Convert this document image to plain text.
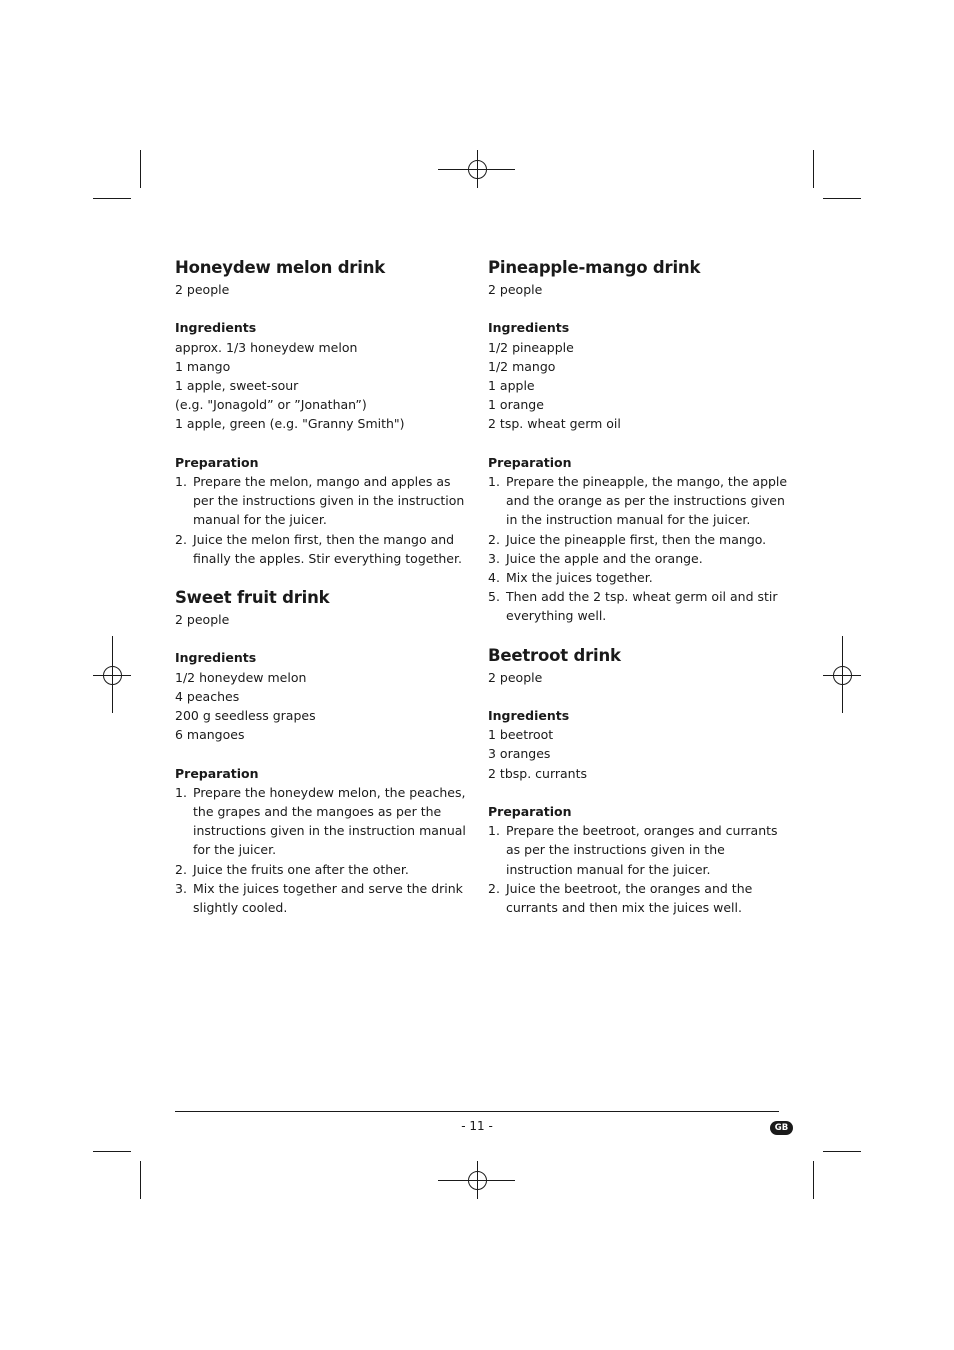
Honeydew melon drink

2 people

Ingredients

approx. 1/3 honeydew melon

1 mango

1 apple, sweet-sour

(e.g. "Jonagold” or ”Jonathan”)

1 apple, green (e.g. "Granny Smith")

Preparation

1. Prepare the melon, mango and apples as per the instructions given in the instruction manual for the juicer.
2. Juice the melon first, then the mango and finally the apples. Stir everything together.
Sweet fruit drink

2 people

Ingredients

1/2 honeydew melon

4 peaches

200 g seedless grapes

6 mangoes

Preparation

1. Prepare the honeydew melon, the peaches, the grapes and the mangoes as per the instructions given in the instruction manual for the juicer.
2. Juice the fruits one after the other.
3. Mix the juices together and serve the drink slightly cooled.
Pineapple-mango drink

2 people

Ingredients

1/2 pineapple

1/2 mango

1 apple

1 orange

2 tsp. wheat germ oil

Preparation

1. Prepare the pineapple, the mango, the apple and the orange as per the instructions given in the instruction manual for the juicer.
2. Juice the pineapple first, then the mango.
3. Juice the apple and the orange.
4. Mix the juices together.
5. Then add the 2 tsp. wheat germ oil and stir everything well.
Beetroot drink

2 people

Ingredients

1 beetroot

3 oranges

2 tbsp. currants

Preparation

1. Prepare the beetroot, oranges and currants as per the instructions given in the instruction manual for the juicer.
2. Juice the beetroot, the oranges and the currants and then mix the juices well.
- 11 -	GB
